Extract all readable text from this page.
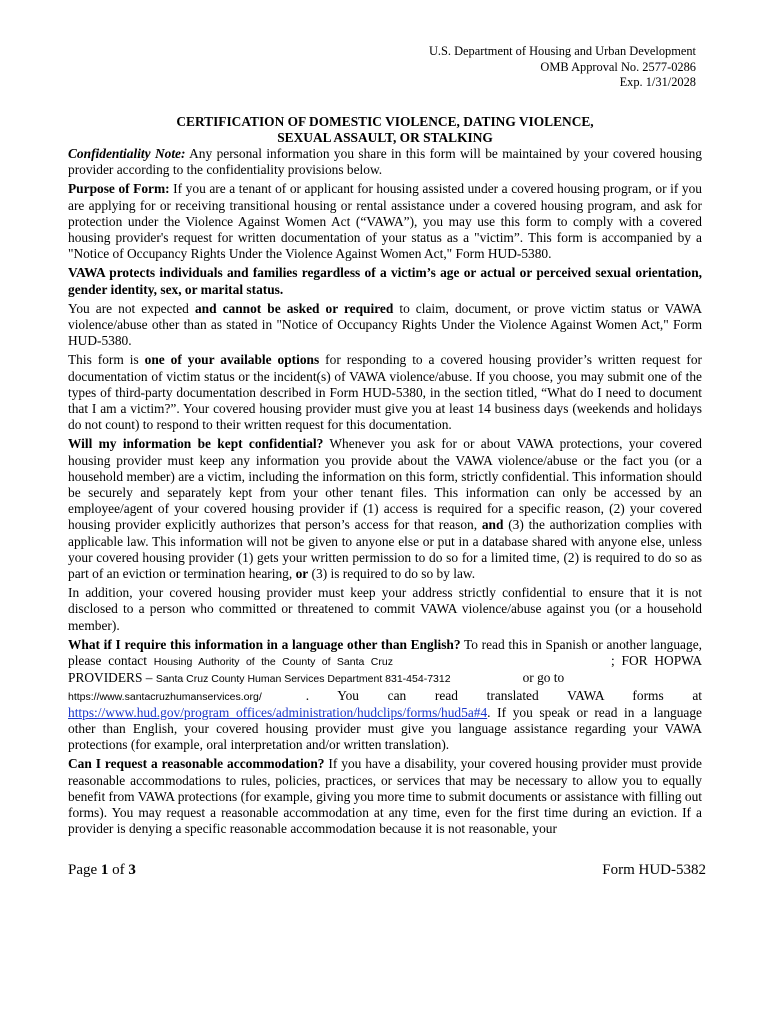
U.S. Department of Housing and Urban Development
OMB Approval No. 2577-0286
Exp. 1/31/2028
CERTIFICATION OF DOMESTIC VIOLENCE, DATING VIOLENCE,
SEXUAL ASSAULT, OR STALKING

Confidentiality Note: Any personal information you share in this form will be maintained by your covered housing provider according to the confidentiality provisions below.

Purpose of Form: If you are a tenant of or applicant for housing assisted under a covered housing program, or if you are applying for or receiving transitional housing or rental assistance under a covered housing program, and ask for protection under the Violence Against Women Act (“VAWA”), you may use this form to comply with a covered housing provider's request for written documentation of your status as a "victim”. This form is accompanied by a "Notice of Occupancy Rights Under the Violence Against Women Act," Form HUD-5380.

VAWA protects individuals and families regardless of a victim’s age or actual or perceived sexual orientation, gender identity, sex, or marital status.

You are not expected and cannot be asked or required to claim, document, or prove victim status or VAWA violence/abuse other than as stated in "Notice of Occupancy Rights Under the Violence Against Women Act," Form HUD-5380.

This form is one of your available options for responding to a covered housing provider’s written request for documentation of victim status or the incident(s) of VAWA violence/abuse. If you choose, you may submit one of the types of third-party documentation described in Form HUD-5380, in the section titled, “What do I need to document that I am a victim?”. Your covered housing provider must give you at least 14 business days (weekends and holidays do not count) to respond to their written request for this documentation.

Will my information be kept confidential? Whenever you ask for or about VAWA protections, your covered housing provider must keep any information you provide about the VAWA violence/abuse or the fact you (or a household member) are a victim, including the information on this form, strictly confidential. This information should be securely and separately kept from your other tenant files. This information can only be accessed by an employee/agent of your covered housing provider if (1) access is required for a specific reason, (2) your covered housing provider explicitly authorizes that person’s access for that reason, and (3) the authorization complies with applicable law. This information will not be given to anyone else or put in a database shared with anyone else, unless your covered housing provider (1) gets your written permission to do so for a limited time, (2) is required to do so as part of an eviction or termination hearing, or (3) is required to do so by law.

In addition, your covered housing provider must keep your address strictly confidential to ensure that it is not disclosed to a person who committed or threatened to commit VAWA violence/abuse against you (or a household member).

What if I require this information in a language other than English? To read this in Spanish or another language, please contact Housing Authority of the County of Santa Cruz	; FOR HOPWA PROVIDERS – Santa Cruz County Human Services Department 831-454-7312	or go to
https://www.santacruzhumanservices.org/	. You can read translated VAWA forms at https://www.hud.gov/program_offices/administration/hudclips/forms/hud5a#4. If you speak or read in a language other than English, your covered housing provider must give you language assistance regarding your VAWA protections (for example, oral interpretation and/or written translation).

Can I request a reasonable accommodation? If you have a disability, your covered housing provider must provide reasonable accommodations to rules, policies, practices, or services that may be necessary to allow you to equally benefit from VAWA protections (for example, giving you more time to submit documents or assistance with filling out forms). You may request a reasonable accommodation at any time, even for the first time during an eviction. If a provider is denying a specific reasonable accommodation because it is not reasonable, your

Page 1 of 3	Form HUD-5382
